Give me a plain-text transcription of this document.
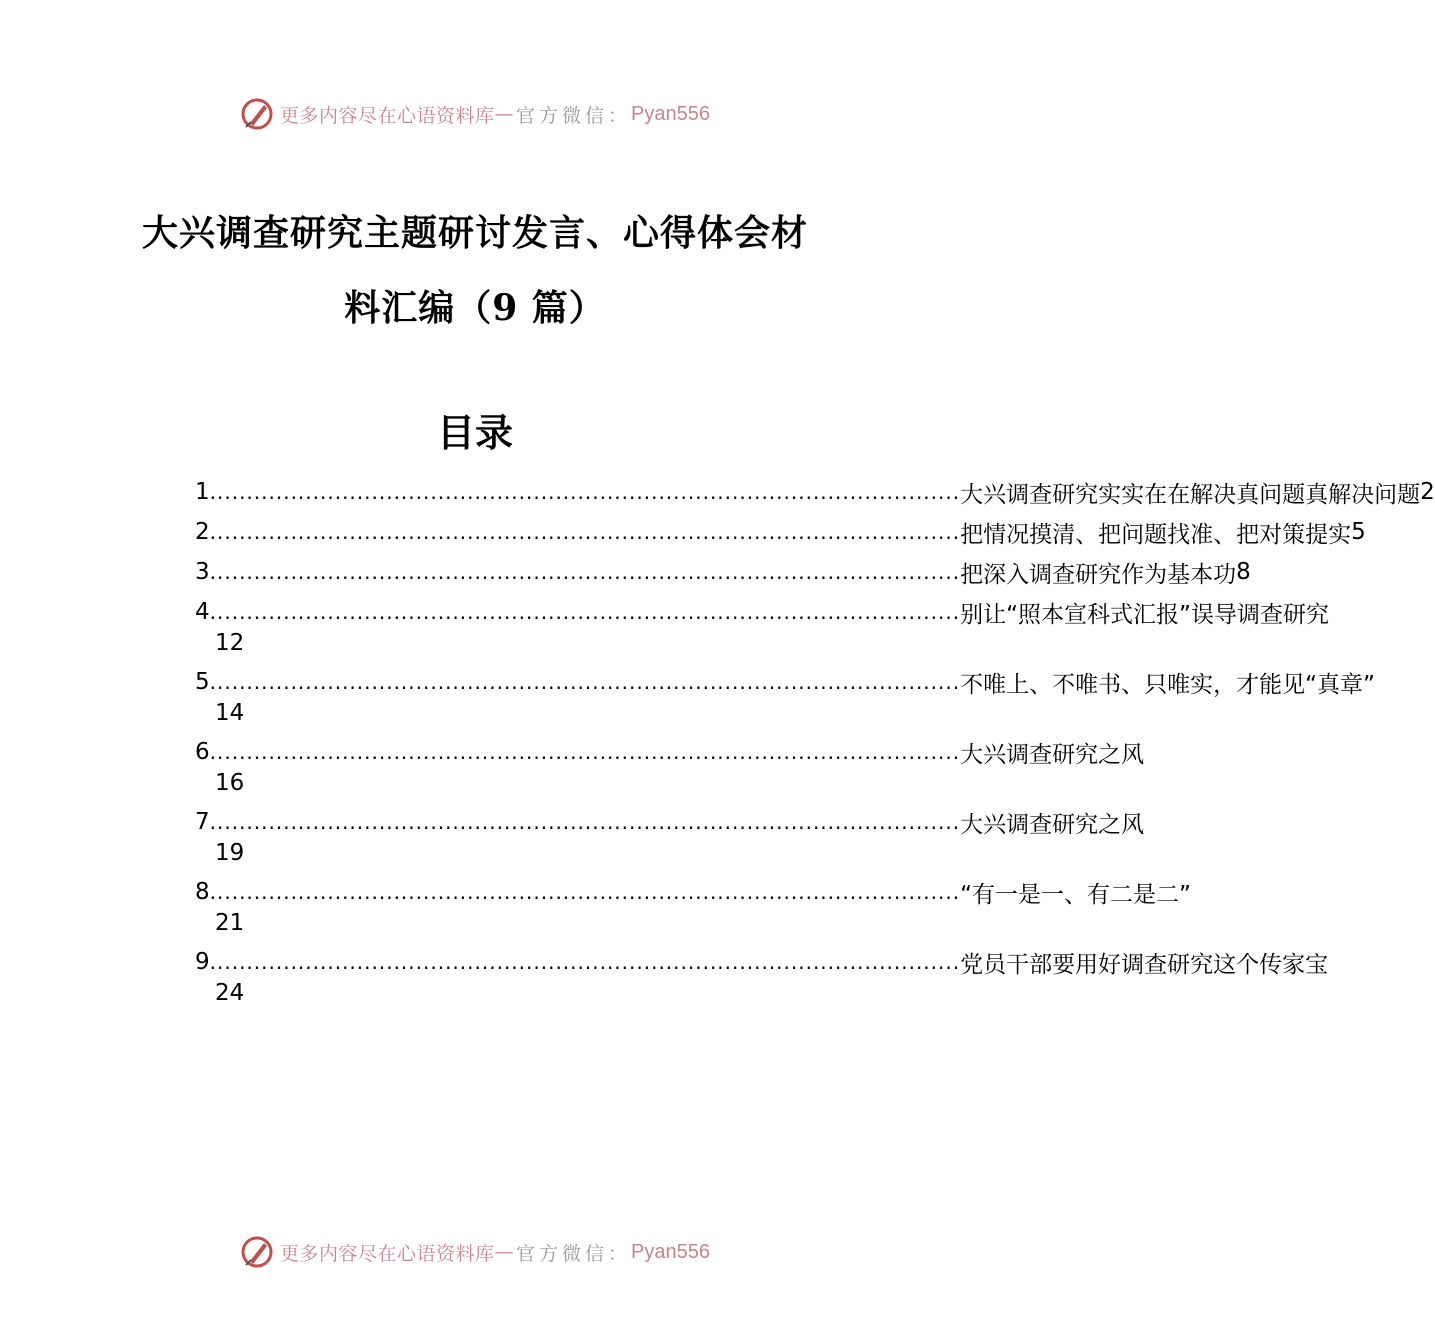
更多内容尽在心语资料库 — 官方微信： Pyan556
大兴调查研究主题研讨发言、心得体会材
料汇编（9 篇）
目录
1 ...................................................................................................... 大兴调查研究实实在在解决真问题真解决问题 2
2 ...................................................................................................... 把情况摸清、把问题找准、把对策提实 5
3 ...................................................................................................... 把深入调查研究作为基本功 8
4 ...................................................................................................... 别让“照本宣科式汇报”误导调查研究
12
5 ...................................................................................................... 不唯上、不唯书、只唯实，才能见“真章”
14
6 ...................................................................................................... 大兴调查研究之风
16
7 ...................................................................................................... 大兴调查研究之风
19
8 ...................................................................................................... “有一是一、有二是二”
21
9 ...................................................................................................... 党员干部要用好调查研究这个传家宝
24
更多内容尽在心语资料库 — 官方微信： Pyan556
